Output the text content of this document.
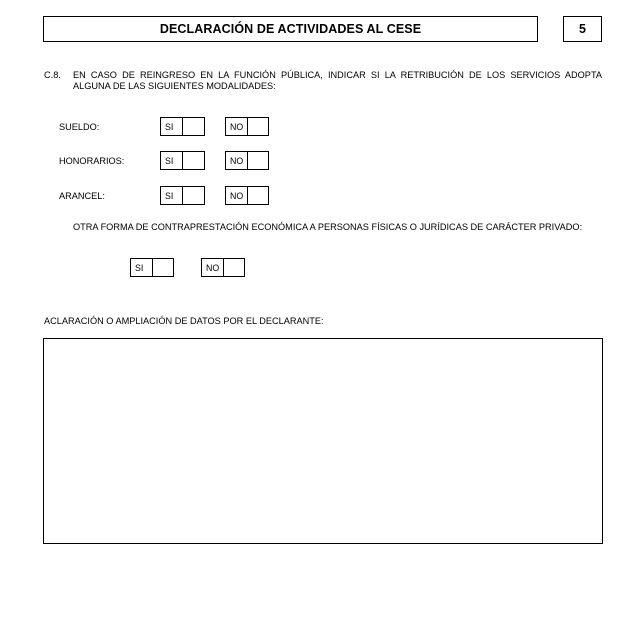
DECLARACIÓN DE ACTIVIDADES AL CESE	5
C.8. EN CASO DE REINGRESO EN LA FUNCIÓN PÚBLICA, INDICAR SI LA RETRIBUCIÓN DE LOS SERVICIOS ADOPTA ALGUNA DE LAS SIGUIENTES MODALIDADES:
SUELDO:	SI	NO
HONORARIOS:	SI	NO
ARANCEL:	SI	NO
OTRA FORMA DE CONTRAPRESTACIÓN ECONÓMICA A PERSONAS FÍSICAS O JURÍDICAS DE CARÁCTER PRIVADO:
SI	NO
ACLARACIÓN O AMPLIACIÓN DE DATOS POR EL DECLARANTE:
